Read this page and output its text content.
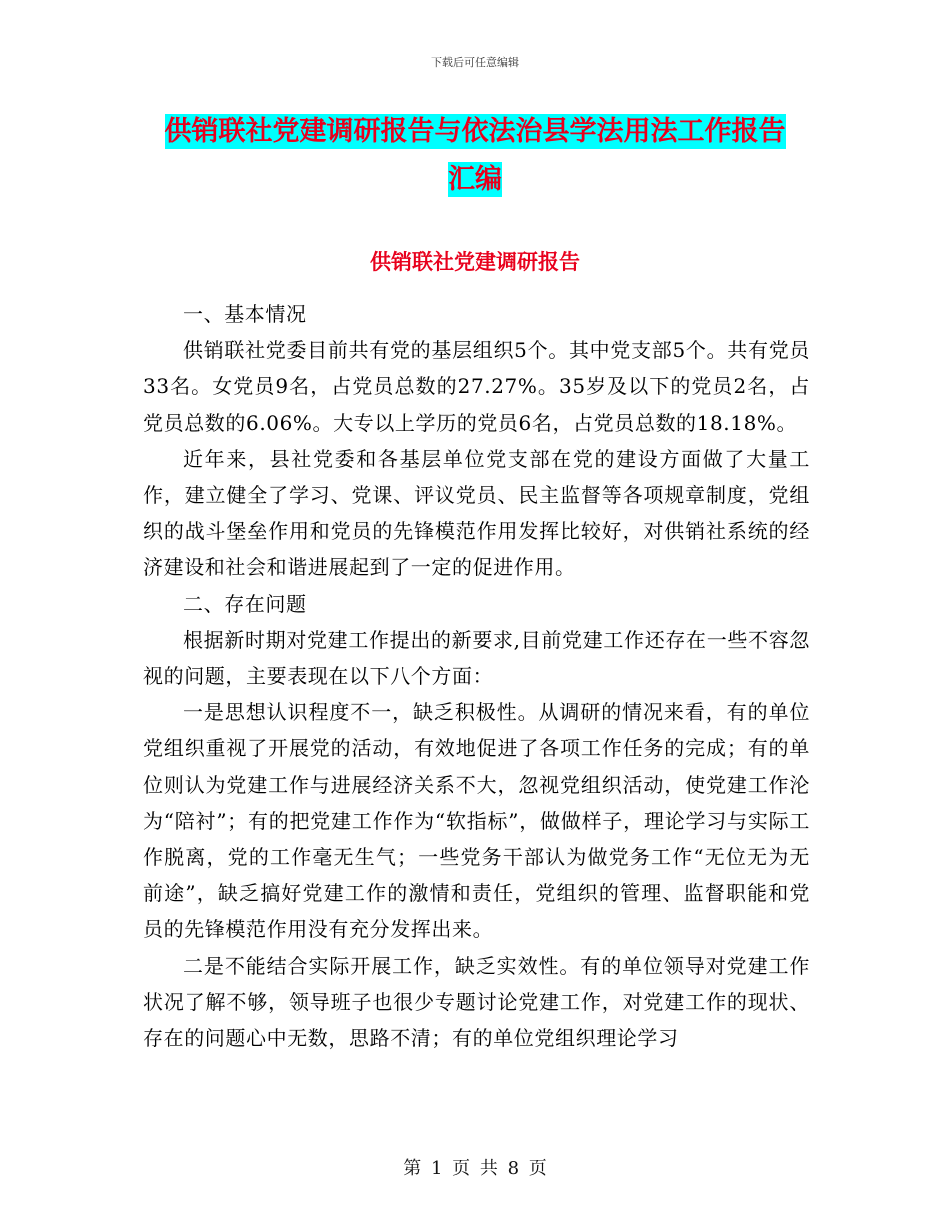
下载后可任意编辑
供销联社党建调研报告与依法治县学法用法工作报告
汇编
供销联社党建调研报告

一、基本情况

供销联社党委目前共有党的基层组织5个。其中党支部5个。共有党员33名。女党员9名，占党员总数的27.27%。35岁及以下的党员2名，占党员总数的6.06%。大专以上学历的党员6名，占党员总数的18.18%。

近年来，县社党委和各基层单位党支部在党的建设方面做了大量工作，建立健全了学习、党课、评议党员、民主监督等各项规章制度，党组织的战斗堡垒作用和党员的先锋模范作用发挥比较好，对供销社系统的经济建设和社会和谐进展起到了一定的促进作用。

二、存在问题

根据新时期对党建工作提出的新要求,目前党建工作还存在一些不容忽视的问题，主要表现在以下八个方面：

一是思想认识程度不一，缺乏积极性。从调研的情况来看，有的单位党组织重视了开展党的活动，有效地促进了各项工作任务的完成；有的单位则认为党建工作与进展经济关系不大，忽视党组织活动，使党建工作沦为“陪衬”；有的把党建工作作为“软指标”，做做样子，理论学习与实际工作脱离，党的工作毫无生气；一些党务干部认为做党务工作“无位无为无前途”，缺乏搞好党建工作的激情和责任，党组织的管理、监督职能和党员的先锋模范作用没有充分发挥出来。

二是不能结合实际开展工作，缺乏实效性。有的单位领导对党建工作状况了解不够，领导班子也很少专题讨论党建工作，对党建工作的现状、存在的问题心中无数，思路不清；有的单位党组织理论学习

第 1 页 共 8 页
